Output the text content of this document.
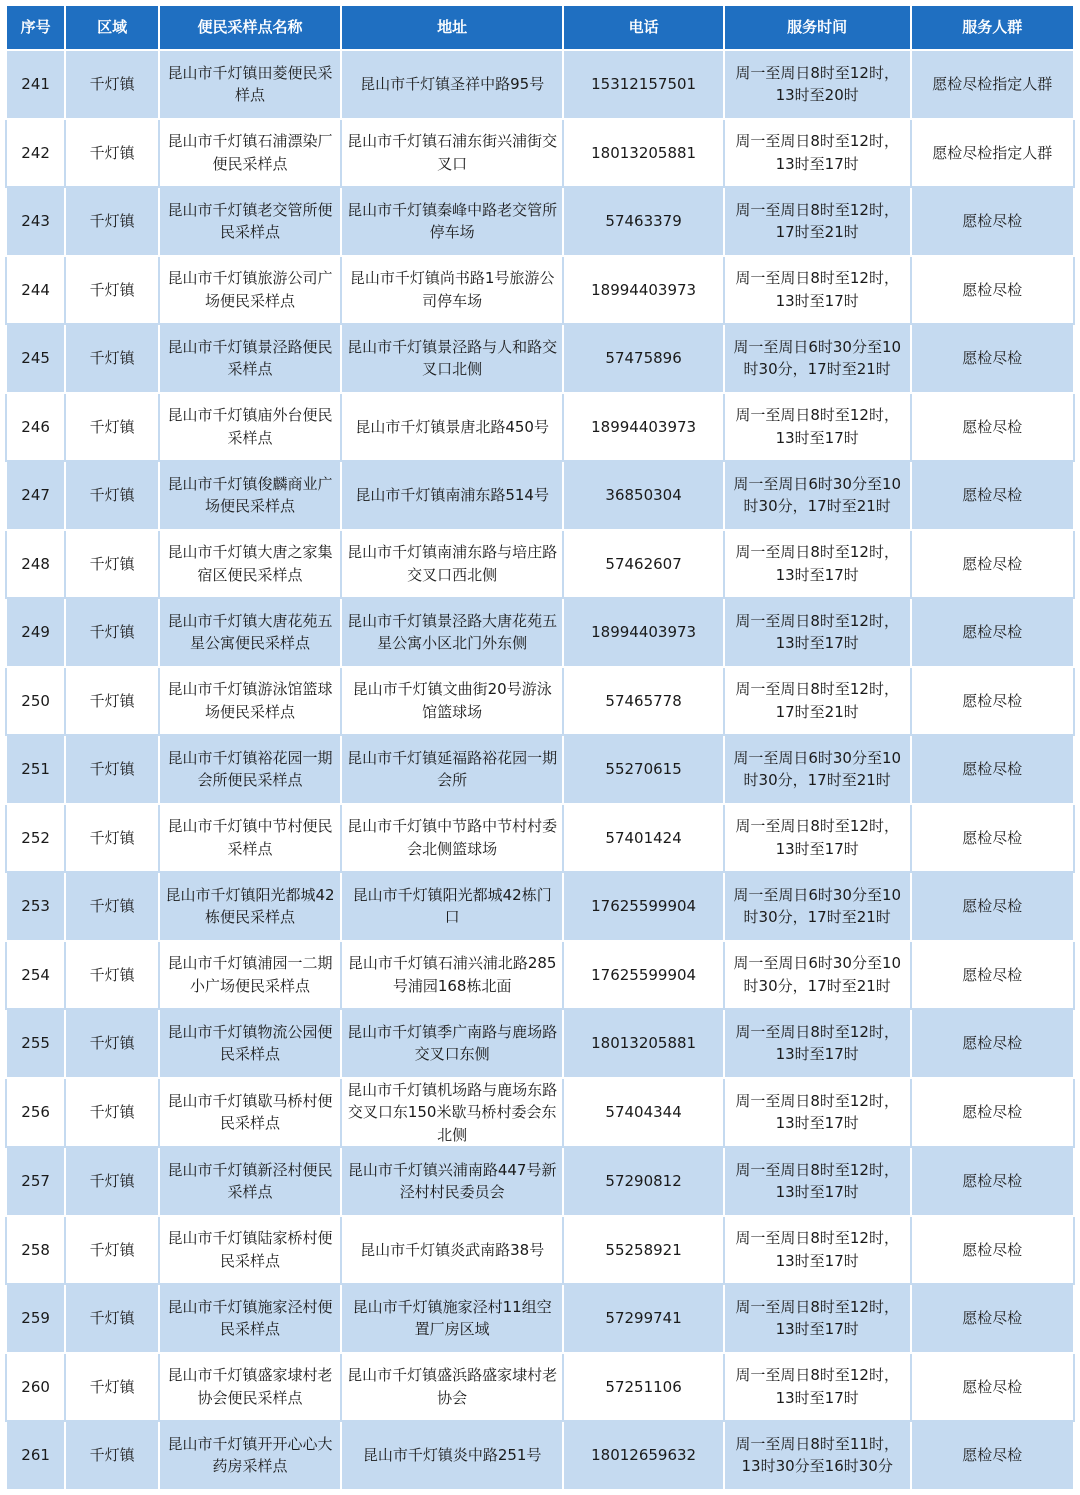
序号	区域	便民采样点名称	地址	电话	服务时间	服务人群
241	千灯镇	昆山市千灯镇田菱便民采样点	昆山市千灯镇圣祥中路95号	15312157501	周一至周日8时至12时，13时至20时	愿检尽检指定人群
242	千灯镇	昆山市千灯镇石浦漂染厂便民采样点	昆山市千灯镇石浦东街兴浦街交叉口	18013205881	周一至周日8时至12时，13时至17时	愿检尽检指定人群
243	千灯镇	昆山市千灯镇老交管所便民采样点	昆山市千灯镇秦峰中路老交管所停车场	57463379	周一至周日8时至12时，17时至21时	愿检尽检
244	千灯镇	昆山市千灯镇旅游公司广场便民采样点	昆山市千灯镇尚书路1号旅游公司停车场	18994403973	周一至周日8时至12时，13时至17时	愿检尽检
245	千灯镇	昆山市千灯镇景泾路便民采样点	昆山市千灯镇景泾路与人和路交叉口北侧	57475896	周一至周日6时30分至10时30分，17时至21时	愿检尽检
246	千灯镇	昆山市千灯镇庙外台便民采样点	昆山市千灯镇景唐北路450号	18994403973	周一至周日8时至12时，13时至17时	愿检尽检
247	千灯镇	昆山市千灯镇俊麟商业广场便民采样点	昆山市千灯镇南浦东路514号	36850304	周一至周日6时30分至10时30分，17时至21时	愿检尽检
248	千灯镇	昆山市千灯镇大唐之家集宿区便民采样点	昆山市千灯镇南浦东路与培庄路交叉口西北侧	57462607	周一至周日8时至12时，13时至17时	愿检尽检
249	千灯镇	昆山市千灯镇大唐花苑五星公寓便民采样点	昆山市千灯镇景泾路大唐花苑五星公寓小区北门外东侧	18994403973	周一至周日8时至12时，13时至17时	愿检尽检
250	千灯镇	昆山市千灯镇游泳馆篮球场便民采样点	昆山市千灯镇文曲街20号游泳馆篮球场	57465778	周一至周日8时至12时，17时至21时	愿检尽检
251	千灯镇	昆山市千灯镇裕花园一期会所便民采样点	昆山市千灯镇延福路裕花园一期会所	55270615	周一至周日6时30分至10时30分，17时至21时	愿检尽检
252	千灯镇	昆山市千灯镇中节村便民采样点	昆山市千灯镇中节路中节村村委会北侧篮球场	57401424	周一至周日8时至12时，13时至17时	愿检尽检
253	千灯镇	昆山市千灯镇阳光都城42栋便民采样点	昆山市千灯镇阳光都城42栋门口	17625599904	周一至周日6时30分至10时30分，17时至21时	愿检尽检
254	千灯镇	昆山市千灯镇浦园一二期小广场便民采样点	昆山市千灯镇石浦兴浦北路285号浦园168栋北面	17625599904	周一至周日6时30分至10时30分，17时至21时	愿检尽检
255	千灯镇	昆山市千灯镇物流公园便民采样点	昆山市千灯镇季广南路与鹿场路交叉口东侧	18013205881	周一至周日8时至12时，13时至17时	愿检尽检
256	千灯镇	昆山市千灯镇歇马桥村便民采样点	昆山市千灯镇机场路与鹿场东路交叉口东150米歇马桥村委会东北侧	57404344	周一至周日8时至12时，13时至17时	愿检尽检
257	千灯镇	昆山市千灯镇新泾村便民采样点	昆山市千灯镇兴浦南路447号新泾村村民委员会	57290812	周一至周日8时至12时，13时至17时	愿检尽检
258	千灯镇	昆山市千灯镇陆家桥村便民采样点	昆山市千灯镇炎武南路38号	55258921	周一至周日8时至12时，13时至17时	愿检尽检
259	千灯镇	昆山市千灯镇施家泾村便民采样点	昆山市千灯镇施家泾村11组空置厂房区域	57299741	周一至周日8时至12时，13时至17时	愿检尽检
260	千灯镇	昆山市千灯镇盛家埭村老协会便民采样点	昆山市千灯镇盛浜路盛家埭村老协会	57251106	周一至周日8时至12时，13时至17时	愿检尽检
261	千灯镇	昆山市千灯镇开开心心大药房采样点	昆山市千灯镇炎中路251号	18012659632	周一至周日8时至11时，13时30分至16时30分	愿检尽检
